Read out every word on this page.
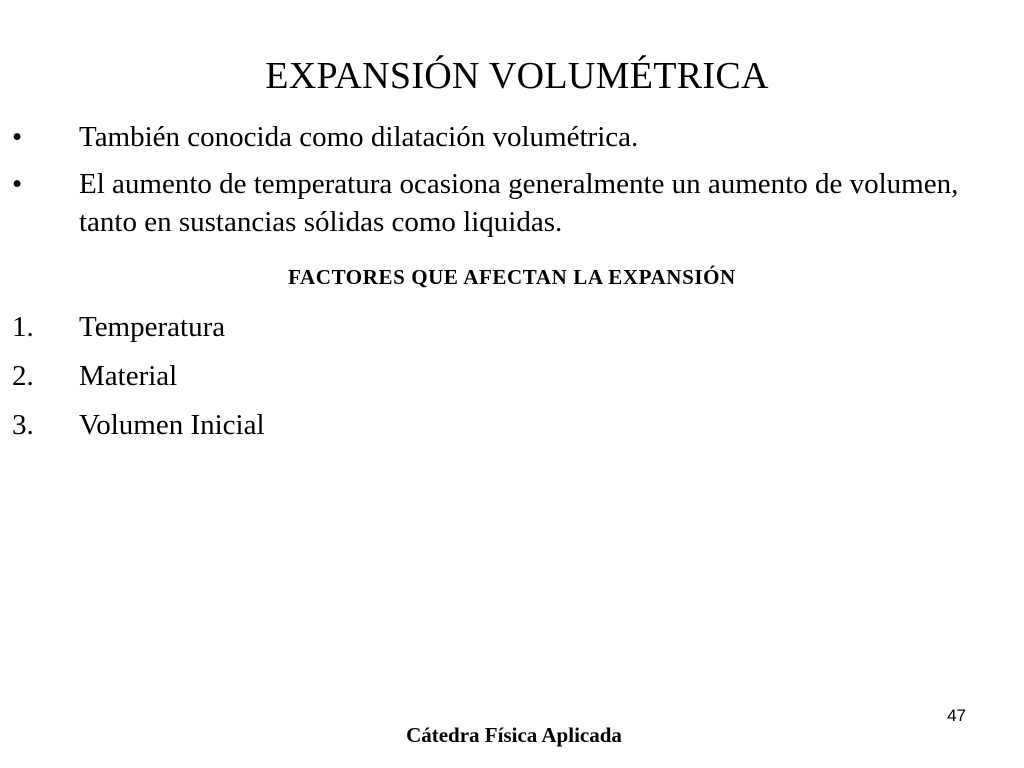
EXPANSIÓN VOLUMÉTRICA
• También conocida como dilatación volumétrica.
• El aumento de temperatura ocasiona generalmente un aumento de volumen, tanto en sustancias sólidas como liquidas.
FACTORES QUE AFECTAN LA EXPANSIÓN
1. Temperatura
2. Material
3. Volumen Inicial
47
Cátedra Física Aplicada
